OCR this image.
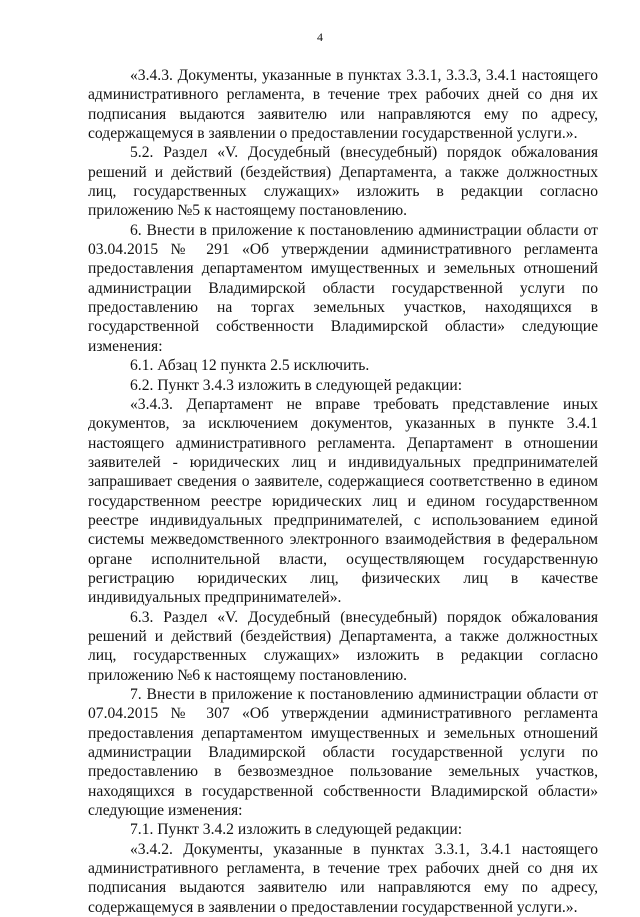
4

«3.4.3. Документы, указанные в пунктах 3.3.1, 3.3.3, 3.4.1 настоящего административного регламента, в течение трех рабочих дней со дня их подписания выдаются заявителю или направляются ему по адресу, содержащемуся в заявлении о предоставлении государственной услуги.».

5.2. Раздел «V. Досудебный (внесудебный) порядок обжалования решений и действий (бездействия) Департамента, а также должностных лиц, государственных служащих» изложить в редакции согласно приложению №5 к настоящему постановлению.

6. Внести в приложение к постановлению администрации области от 03.04.2015 № 291 «Об утверждении административного регламента предоставления департаментом имущественных и земельных отношений администрации Владимирской области государственной услуги по предоставлению на торгах земельных участков, находящихся в государственной собственности Владимирской области» следующие изменения:

6.1. Абзац 12 пункта 2.5 исключить.

6.2. Пункт 3.4.3 изложить в следующей редакции:

«3.4.3. Департамент не вправе требовать представление иных документов, за исключением документов, указанных в пункте 3.4.1 настоящего административного регламента. Департамент в отношении заявителей - юридических лиц и индивидуальных предпринимателей запрашивает сведения о заявителе, содержащиеся соответственно в едином государственном реестре юридических лиц и едином государственном реестре индивидуальных предпринимателей, с использованием единой системы межведомственного электронного взаимодействия в федеральном органе исполнительной власти, осуществляющем государственную регистрацию юридических лиц, физических лиц в качестве индивидуальных предпринимателей».

6.3. Раздел «V. Досудебный (внесудебный) порядок обжалования решений и действий (бездействия) Департамента, а также должностных лиц, государственных служащих» изложить в редакции согласно приложению №6 к настоящему постановлению.

7. Внести в приложение к постановлению администрации области от 07.04.2015 № 307 «Об утверждении административного регламента предоставления департаментом имущественных и земельных отношений администрации Владимирской области государственной услуги по предоставлению в безвозмездное пользование земельных участков, находящихся в государственной собственности Владимирской области» следующие изменения:

7.1. Пункт 3.4.2 изложить в следующей редакции:

«3.4.2. Документы, указанные в пунктах 3.3.1, 3.4.1 настоящего административного регламента, в течение трех рабочих дней со дня их подписания выдаются заявителю или направляются ему по адресу, содержащемуся в заявлении о предоставлении государственной услуги.».
